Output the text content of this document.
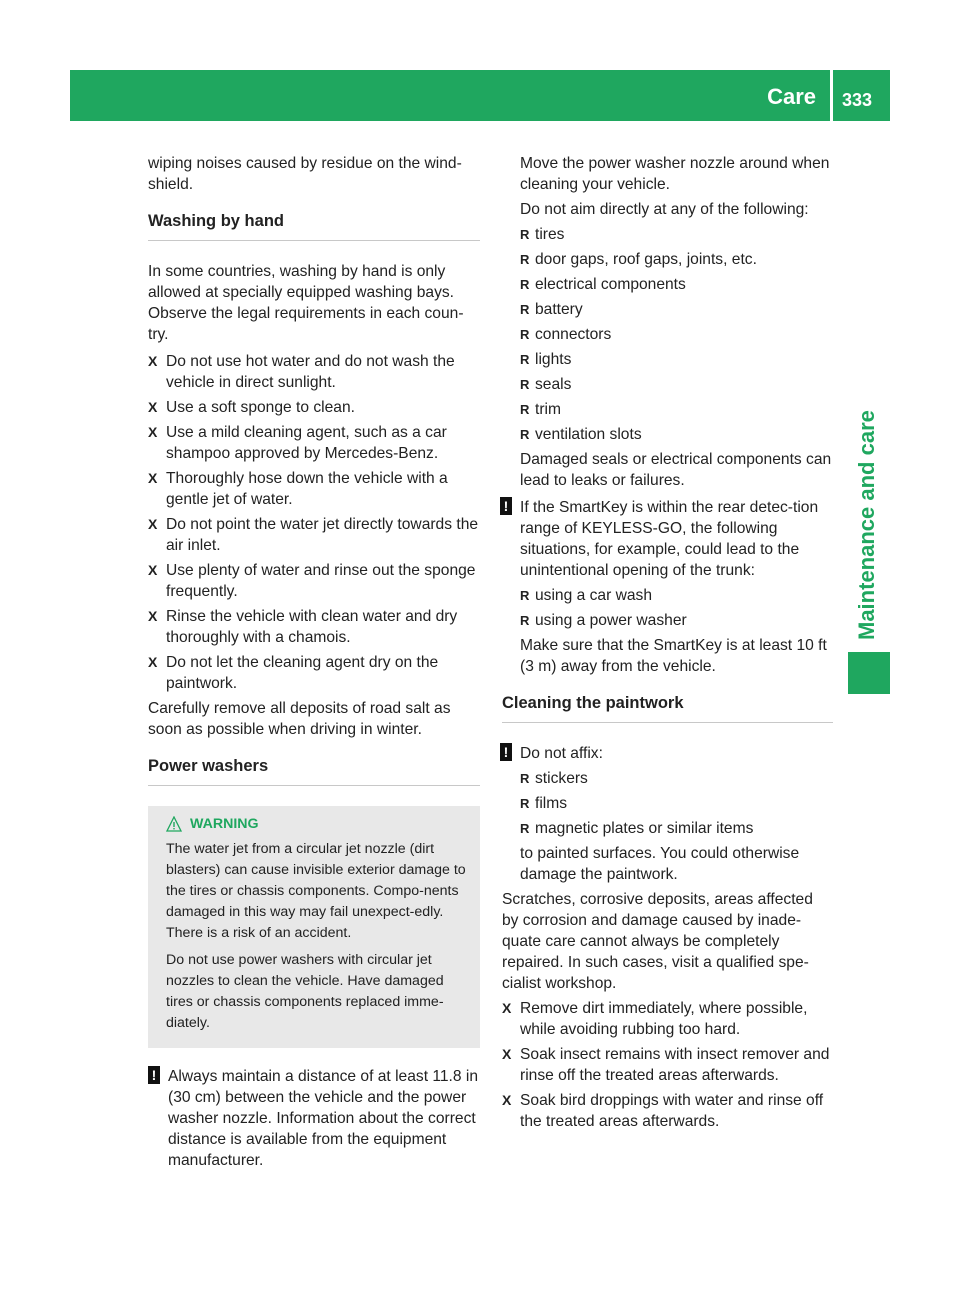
Care	333
Maintenance and care

wiping noises caused by residue on the wind-shield.

Washing by hand

In some countries, washing by hand is only allowed at specially equipped washing bays. Observe the legal requirements in each coun-try.

X Do not use hot water and do not wash the vehicle in direct sunlight.
X Use a soft sponge to clean.
X Use a mild cleaning agent, such as a car shampoo approved by Mercedes-Benz.
X Thoroughly hose down the vehicle with a gentle jet of water.
X Do not point the water jet directly towards the air inlet.
X Use plenty of water and rinse out the sponge frequently.
X Rinse the vehicle with clean water and dry thoroughly with a chamois.
X Do not let the cleaning agent dry on the paintwork.

Carefully remove all deposits of road salt as soon as possible when driving in winter.

Power washers
WARNING

The water jet from a circular jet nozzle (dirt blasters) can cause invisible exterior damage to the tires or chassis components. Compo-nents damaged in this way may fail unexpect-edly. There is a risk of an accident.

Do not use power washers with circular jet nozzles to clean the vehicle. Have damaged tires or chassis components replaced imme-diately.

! Always maintain a distance of at least 11.8 in (30 cm) between the vehicle and the power washer nozzle. Information about the correct distance is available from the equipment manufacturer.

Move the power washer nozzle around when cleaning your vehicle.

Do not aim directly at any of the following:

R tires
R door gaps, roof gaps, joints, etc.
R electrical components
R battery
R connectors
R lights
R seals
R trim
R ventilation slots

Damaged seals or electrical components can lead to leaks or failures.

! If the SmartKey is within the rear detec-tion range of KEYLESS-GO, the following situations, for example, could lead to the unintentional opening of the trunk:
R using a car wash
R using a power washer

Make sure that the SmartKey is at least 10 ft (3 m) away from the vehicle.

Cleaning the paintwork
! Do not affix:
R stickers
R films
R magnetic plates or similar items

to painted surfaces. You could otherwise damage the paintwork.

Scratches, corrosive deposits, areas affected by corrosion and damage caused by inade-quate care cannot always be completely repaired. In such cases, visit a qualified spe-cialist workshop.

X Remove dirt immediately, where possible, while avoiding rubbing too hard.
X Soak insect remains with insect remover and rinse off the treated areas afterwards.
X Soak bird droppings with water and rinse off the treated areas afterwards.
